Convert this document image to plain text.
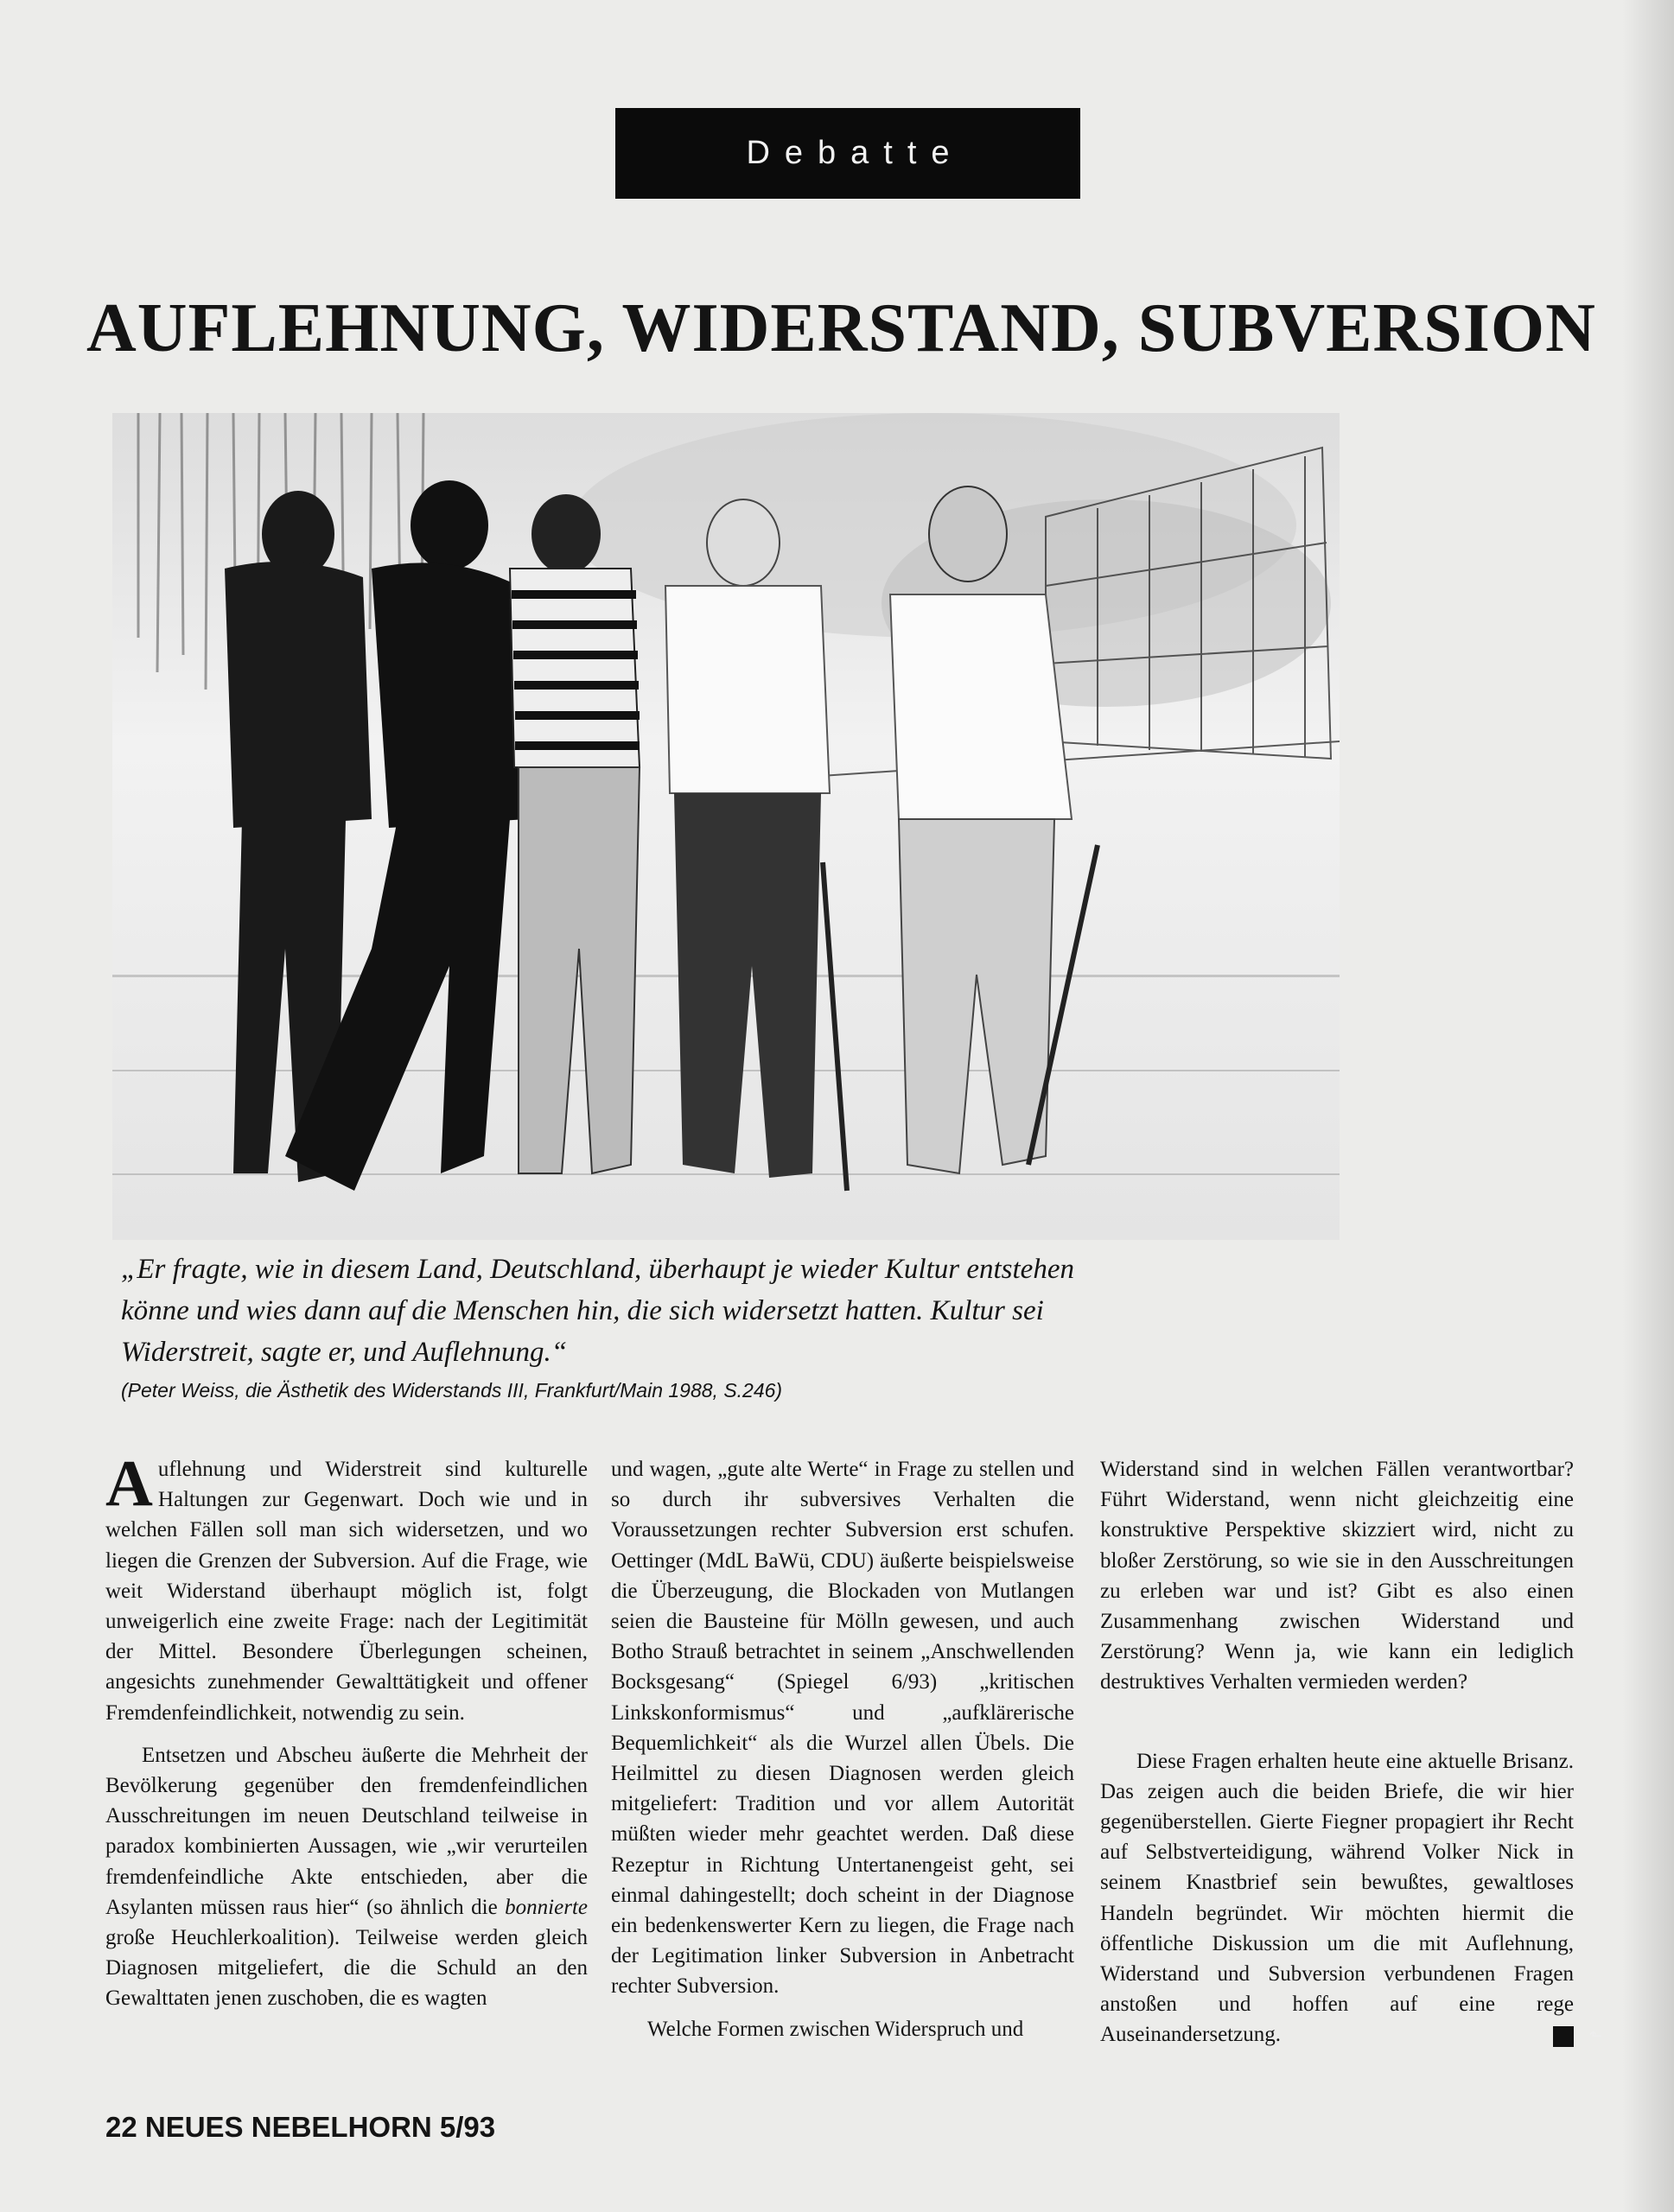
Debatte
AUFLEHNUNG, WIDERSTAND, SUBVERSION

„Er fragte, wie in diesem Land, Deutschland, überhaupt je wieder Kultur entstehen

könne und wies dann auf die Menschen hin, die sich widersetzt hatten. Kultur sei

Widerstreit, sagte er, und Auflehnung.“

(Peter Weiss, die Ästhetik des Widerstands III, Frankfurt/Main 1988, S.246)

Auflehnung und Widerstreit sind kulturelle Haltungen zur Gegenwart. Doch wie und in welchen Fällen soll man sich widersetzen, und wo liegen die Grenzen der Subversion. Auf die Frage, wie weit Widerstand überhaupt möglich ist, folgt unweigerlich eine zweite Frage: nach der Legitimität der Mittel. Besondere Überlegungen scheinen, angesichts zunehmender Gewalttätigkeit und offener Fremdenfeindlichkeit, notwendig zu sein.

Entsetzen und Abscheu äußerte die Mehrheit der Bevölkerung gegenüber den fremdenfeindlichen Ausschreitungen im neuen Deutschland teilweise in paradox kombinierten Aussagen, wie „wir verurteilen fremdenfeindliche Akte entschieden, aber die Asylanten müssen raus hier“ (so ähnlich die bonnierte große Heuchlerkoalition). Teilweise werden gleich Diagnosen mitgeliefert, die die Schuld an den Gewalttaten jenen zuschoben, die es wagten

und wagen, „gute alte Werte“ in Frage zu stellen und so durch ihr subversives Verhalten die Voraussetzungen rechter Subversion erst schufen. Oettinger (MdL BaWü, CDU) äußerte beispielsweise die Überzeugung, die Blockaden von Mutlangen seien die Bausteine für Mölln gewesen, und auch Botho Strauß betrachtet in seinem „Anschwellenden Bocksgesang“ (Spiegel 6/93) „kritischen Linkskonformismus“ und „aufklärerische Bequemlichkeit“ als die Wurzel allen Übels. Die Heilmittel zu diesen Diagnosen werden gleich mitgeliefert: Tradition und vor allem Autorität müßten wieder mehr geachtet werden. Daß diese Rezeptur in Richtung Untertanengeist geht, sei einmal dahingestellt; doch scheint in der Diagnose ein bedenkenswerter Kern zu liegen, die Frage nach der Legitimation linker Subversion in Anbetracht rechter Subversion.

Welche Formen zwischen Widerspruch und

Widerstand sind in welchen Fällen verantwortbar? Führt Widerstand, wenn nicht gleichzeitig eine konstruktive Perspektive skizziert wird, nicht zu bloßer Zerstörung, so wie sie in den Ausschreitungen zu erleben war und ist? Gibt es also einen Zusammenhang zwischen Widerstand und Zerstörung? Wenn ja, wie kann ein lediglich destruktives Verhalten vermieden werden?

Diese Fragen erhalten heute eine aktuelle Brisanz. Das zeigen auch die beiden Briefe, die wir hier gegenüberstellen. Gierte Fiegner propagiert ihr Recht auf Selbstverteidigung, während Volker Nick in seinem Knastbrief sein bewußtes, gewaltloses Handeln begründet. Wir möchten hiermit die öffentliche Diskussion um die mit Auflehnung, Widerstand und Subversion verbundenen Fragen anstoßen und hoffen auf eine rege Auseinandersetzung.	⬑

22 NEUES NEBELHORN 5/93
